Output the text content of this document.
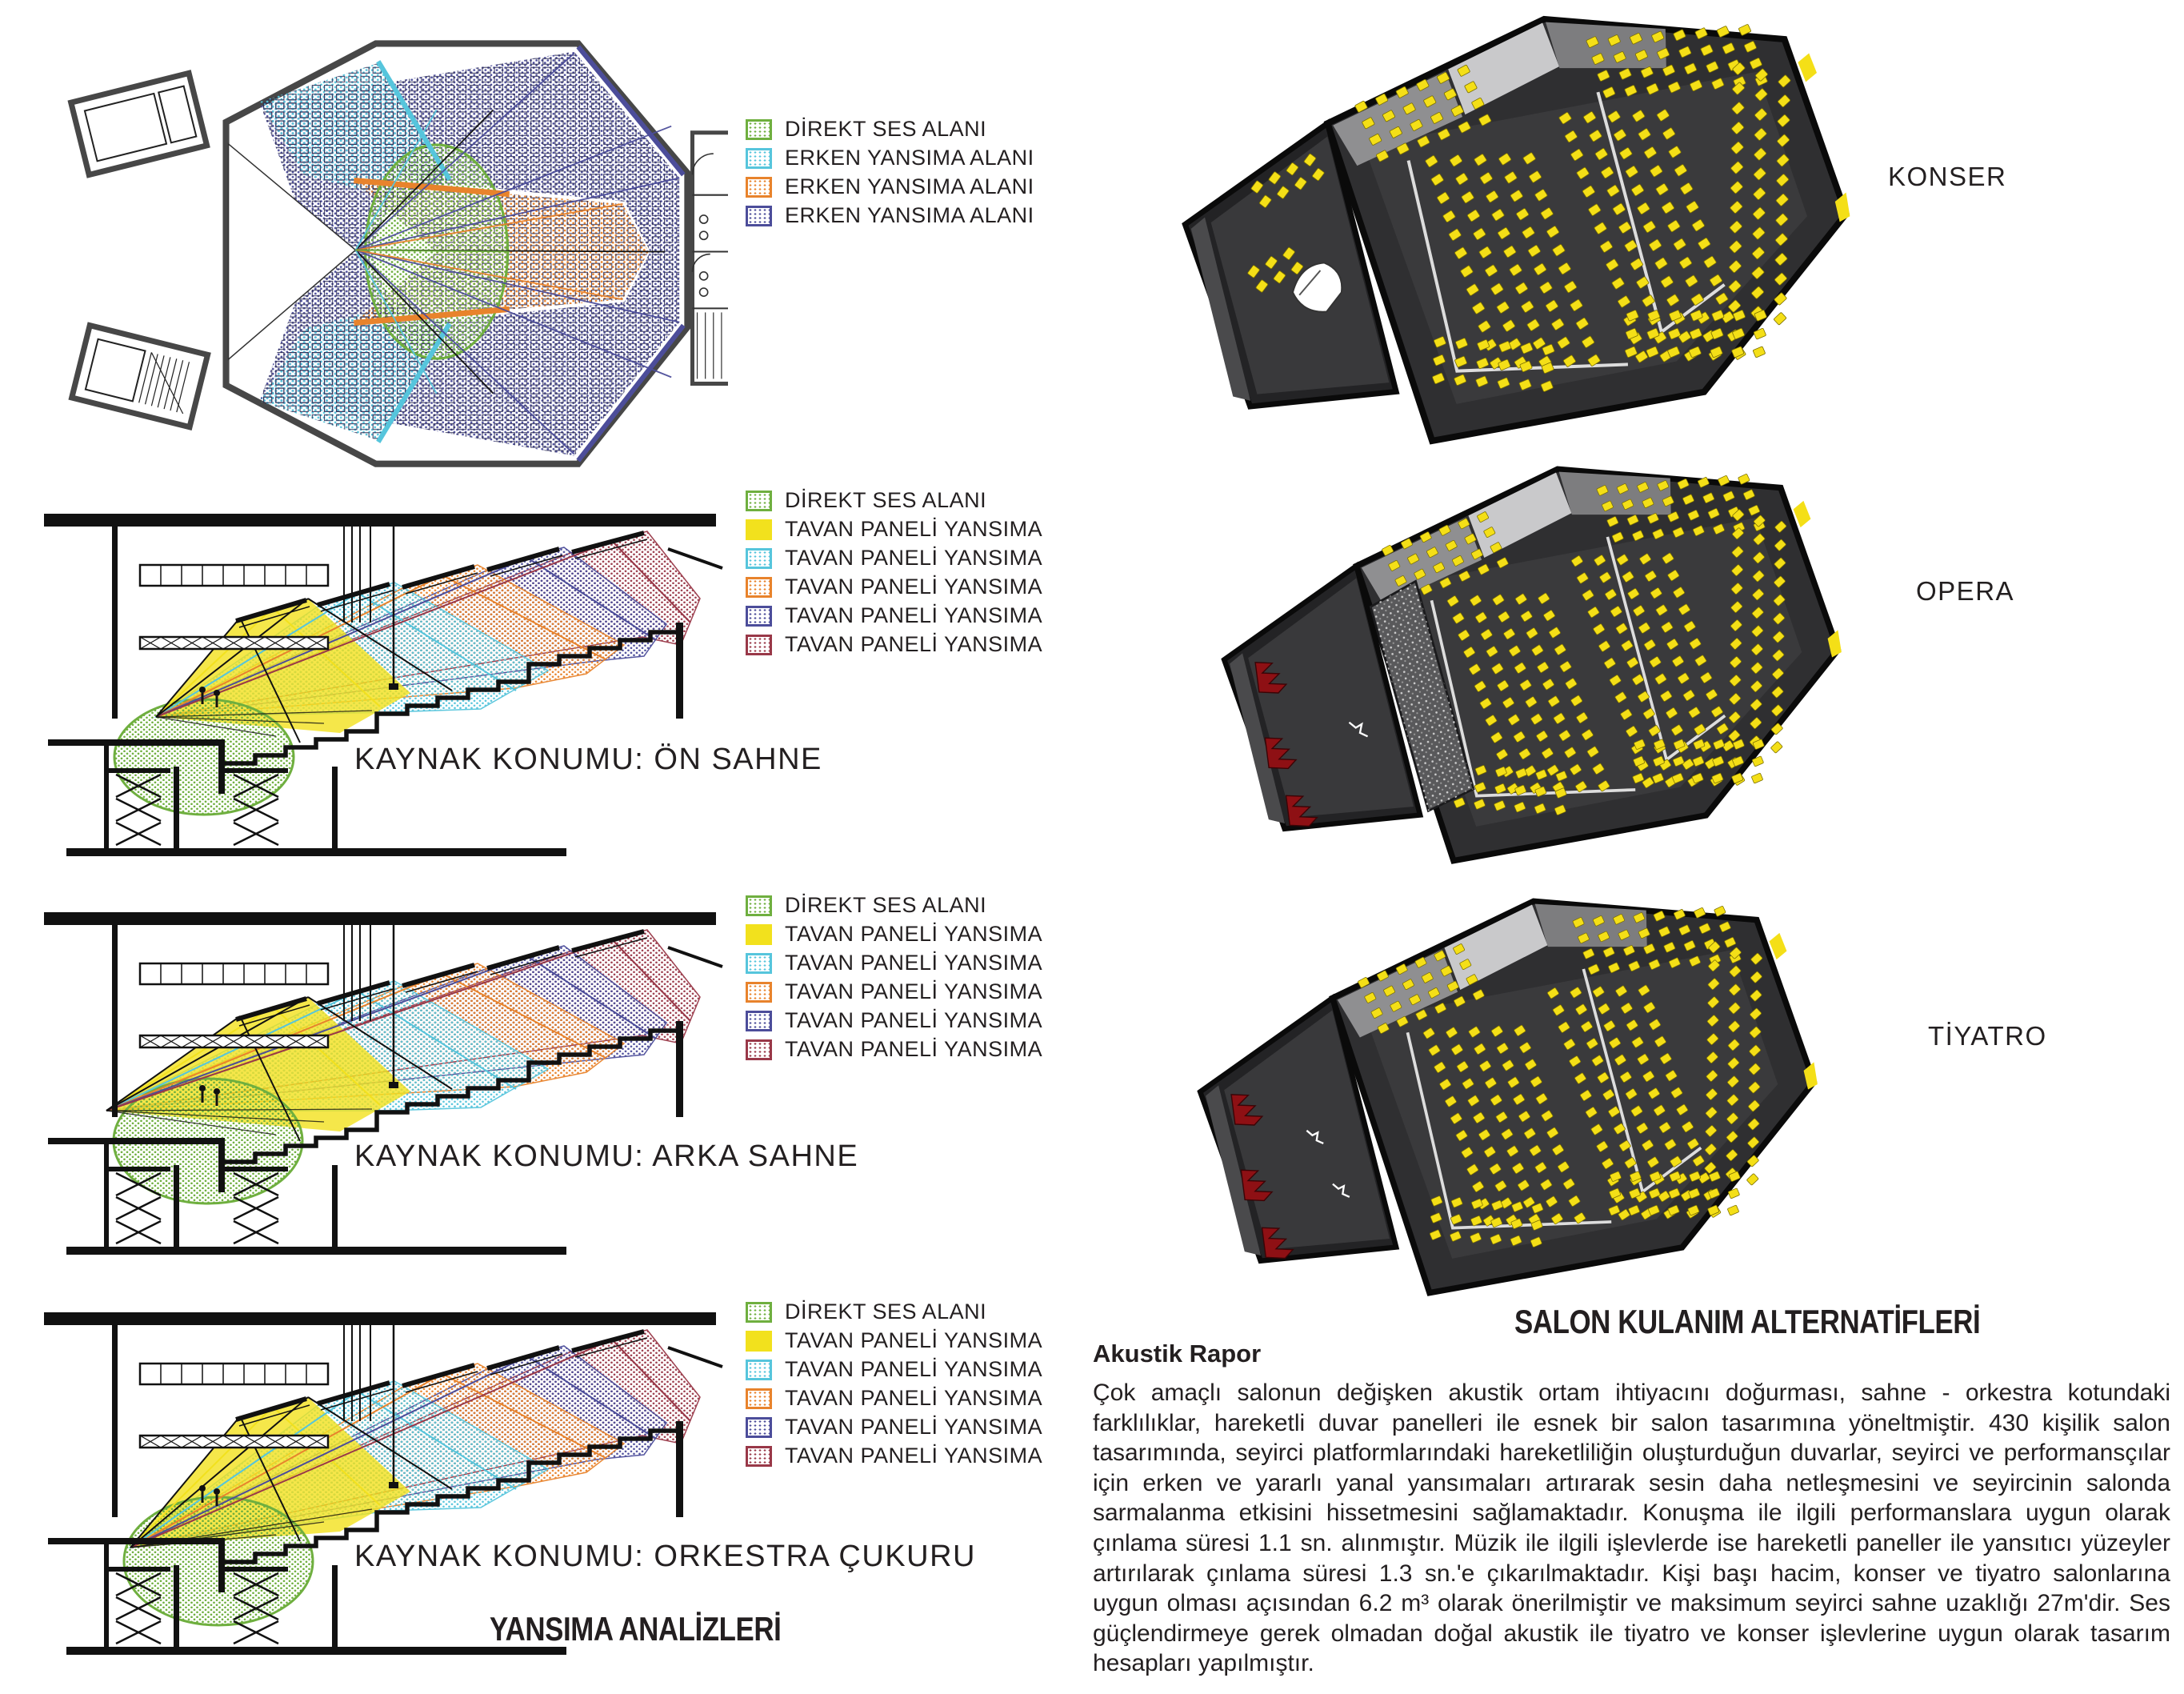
DİREKT SES ALANI
ERKEN YANSIMA ALANI
ERKEN YANSIMA ALANI
ERKEN YANSIMA ALANI
DİREKT SES ALANI
TAVAN PANELİ YANSIMA
TAVAN PANELİ YANSIMA
TAVAN PANELİ YANSIMA
TAVAN PANELİ YANSIMA
TAVAN PANELİ YANSIMA
DİREKT SES ALANI
TAVAN PANELİ YANSIMA
TAVAN PANELİ YANSIMA
TAVAN PANELİ YANSIMA
TAVAN PANELİ YANSIMA
TAVAN PANELİ YANSIMA
DİREKT SES ALANI
TAVAN PANELİ YANSIMA
TAVAN PANELİ YANSIMA
TAVAN PANELİ YANSIMA
TAVAN PANELİ YANSIMA
TAVAN PANELİ YANSIMA
KAYNAK KONUMU: ÖN SAHNE
KAYNAK KONUMU: ARKA SAHNE
KAYNAK KONUMU: ORKESTRA ÇUKURU
YANSIMA ANALİZLERİ
KONSER
OPERA
TİYATRO
SALON KULANIM ALTERNATİFLERİ
Akustik Rapor
Çok amaçlı salonun değişken akustik ortam ihtiyacını doğurması, sahne - orkestra kotundaki farklılıklar, hareketli duvar panelleri ile esnek bir salon tasarımına yöneltmiştir. 430 kişilik salon tasarımında, seyirci platformlarındaki hareketliliğin oluşturduğun duvarlar, seyirci ve performansçılar için erken ve yararlı yanal yansımaları artırarak sesin daha netleşmesini ve seyircinin salonda sarmalanma etkisini hissetmesini sağlamaktadır. Konuşma ile ilgili performanslara uygun olarak çınlama süresi 1.1 sn. alınmıştır. Müzik ile ilgili işlevlerde ise hareketli paneller ile yansıtıcı yüzeyler artırılarak çınlama süresi 1.3 sn.'e çıkarılmaktadır. Kişi başı hacim, konser ve tiyatro salonlarına uygun olması açısından 6.2 m³ olarak önerilmiştir ve maksimum seyirci sahne uzaklığı 27m'dir. Ses güçlendirmeye gerek olmadan doğal akustik ile tiyatro ve konser işlevlerine uygun olarak tasarım hesapları yapılmıştır.
